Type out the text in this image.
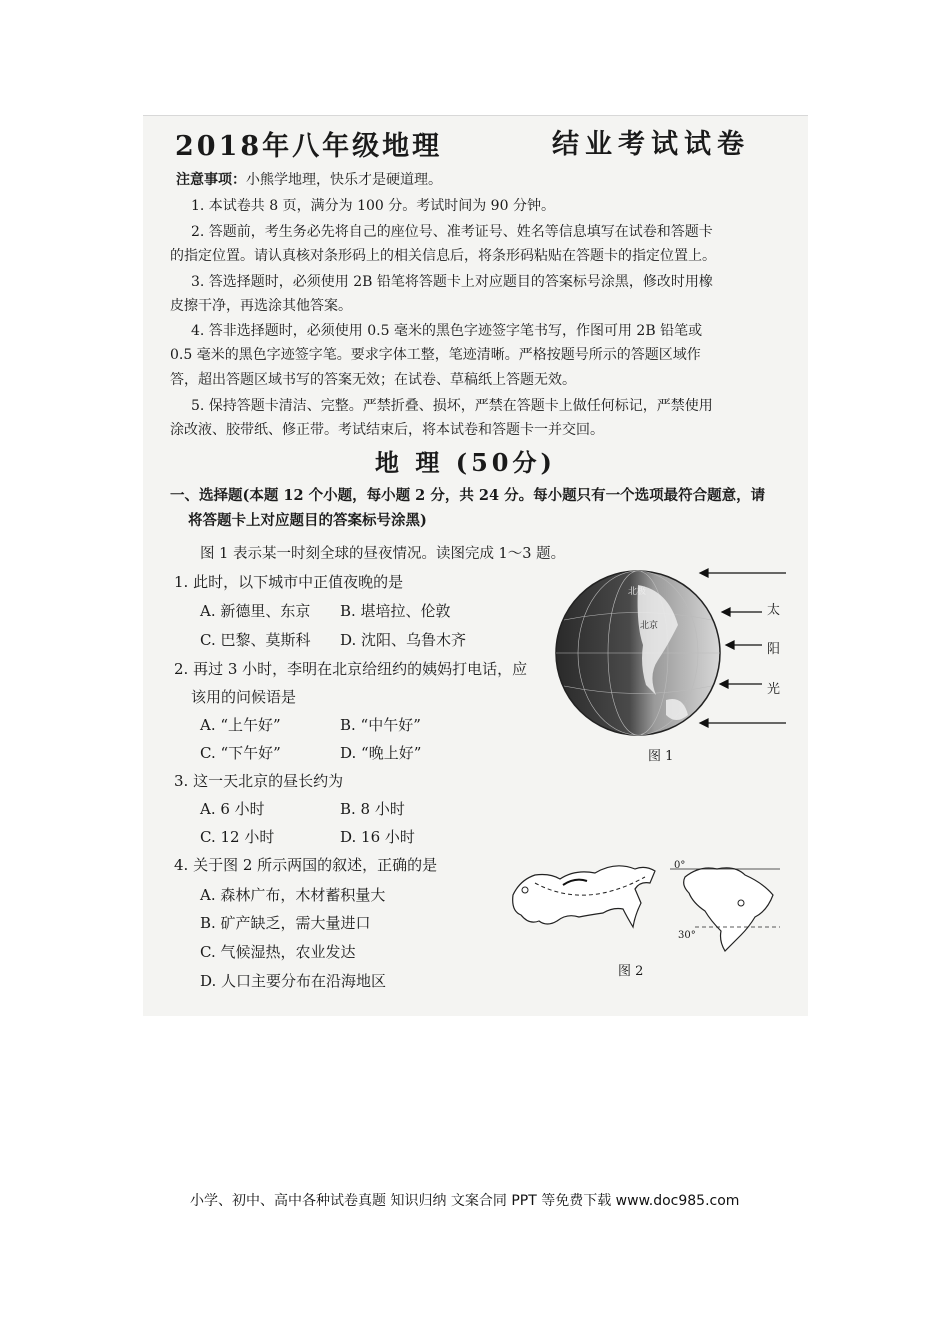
2018年八年级地理	结业考试试卷
注意事项：小熊学地理，快乐才是硬道理。
1. 本试卷共 8 页，满分为 100 分。考试时间为 90 分钟。
2. 答题前，考生务必先将自己的座位号、准考证号、姓名等信息填写在试卷和答题卡
的指定位置。请认真核对条形码上的相关信息后，将条形码粘贴在答题卡的指定位置上。
3. 答选择题时，必须使用 2B 铅笔将答题卡上对应题目的答案标号涂黑，修改时用橡
皮擦干净，再选涂其他答案。
4. 答非选择题时，必须使用 0.5 毫米的黑色字迹签字笔书写，作图可用 2B 铅笔或
0.5 毫米的黑色字迹签字笔。要求字体工整，笔迹清晰。严格按题号所示的答题区域作
答，超出答题区域书写的答案无效；在试卷、草稿纸上答题无效。
5. 保持答题卡清洁、完整。严禁折叠、损坏，严禁在答题卡上做任何标记，严禁使用
涂改液、胶带纸、修正带。考试结束后，将本试卷和答题卡一并交回。
地 理 (50分)
一、选择题(本题 12 个小题，每小题 2 分，共 24 分。每小题只有一个选项最符合题意，请
将答题卡上对应题目的答案标号涂黑)
图 1 表示某一时刻全球的昼夜情况。读图完成 1～3 题。
1. 此时，以下城市中正值夜晚的是
A. 新德里、东京 B. 堪培拉、伦敦
C. 巴黎、莫斯科 D. 沈阳、乌鲁木齐
2. 再过 3 小时，李明在北京给纽约的姨妈打电话，应
该用的问候语是
A. “上午好”	B. “中午好”
C. “下午好”	D. “晚上好”
3. 这一天北京的昼长约为
A. 6 小时	B. 8 小时
C. 12 小时	D. 16 小时
4. 关于图 2 所示两国的叙述，正确的是
A. 森林广布，木材蓄积量大
B. 矿产缺乏，需大量进口
C. 气候湿热，农业发达
D. 人口主要分布在沿海地区
太
阳
光
北极
北京
图 1
0°
30°
图 2
小学、初中、高中各种试卷真题 知识归纳 文案合同 PPT 等免费下载 www.doc985.com
